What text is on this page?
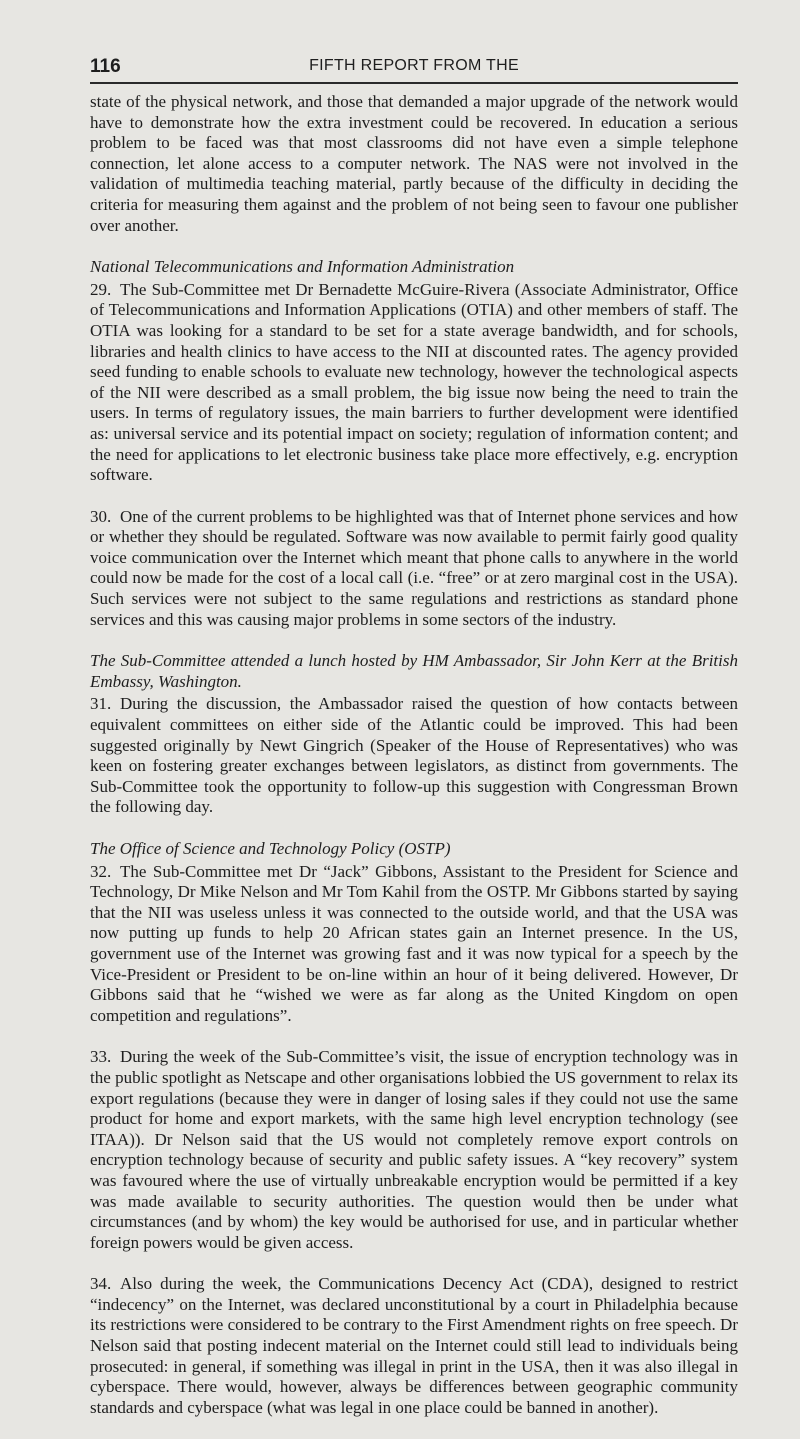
116	FIFTH REPORT FROM THE

state of the physical network, and those that demanded a major upgrade of the network would have to demonstrate how the extra investment could be recovered. In education a serious problem to be faced was that most classrooms did not have even a simple telephone connection, let alone access to a computer network. The NAS were not involved in the validation of multimedia teaching material, partly because of the difficulty in deciding the criteria for measuring them against and the problem of not being seen to favour one publisher over another.

National Telecommunications and Information Administration

29. The Sub-Committee met Dr Bernadette McGuire-Rivera (Associate Administrator, Office of Telecommunications and Information Applications (OTIA) and other members of staff. The OTIA was looking for a standard to be set for a state average bandwidth, and for schools, libraries and health clinics to have access to the NII at discounted rates. The agency provided seed funding to enable schools to evaluate new technology, however the technological aspects of the NII were described as a small problem, the big issue now being the need to train the users. In terms of regulatory issues, the main barriers to further development were identified as: universal service and its potential impact on society; regulation of information content; and the need for applications to let electronic business take place more effectively, e.g. encryption software.

30. One of the current problems to be highlighted was that of Internet phone services and how or whether they should be regulated. Software was now available to permit fairly good quality voice communication over the Internet which meant that phone calls to anywhere in the world could now be made for the cost of a local call (i.e. “free” or at zero marginal cost in the USA). Such services were not subject to the same regulations and restrictions as standard phone services and this was causing major problems in some sectors of the industry.

The Sub-Committee attended a lunch hosted by HM Ambassador, Sir John Kerr at the British Embassy, Washington.

31. During the discussion, the Ambassador raised the question of how contacts between equivalent committees on either side of the Atlantic could be improved. This had been suggested originally by Newt Gingrich (Speaker of the House of Representatives) who was keen on fostering greater exchanges between legislators, as distinct from governments. The Sub-Committee took the opportunity to follow-up this suggestion with Congressman Brown the following day.

The Office of Science and Technology Policy (OSTP)

32. The Sub-Committee met Dr “Jack” Gibbons, Assistant to the President for Science and Technology, Dr Mike Nelson and Mr Tom Kahil from the OSTP. Mr Gibbons started by saying that the NII was useless unless it was connected to the outside world, and that the USA was now putting up funds to help 20 African states gain an Internet presence. In the US, government use of the Internet was growing fast and it was now typical for a speech by the Vice-President or President to be on-line within an hour of it being delivered. However, Dr Gibbons said that he “wished we were as far along as the United Kingdom on open competition and regulations”.

33. During the week of the Sub-Committee’s visit, the issue of encryption technology was in the public spotlight as Netscape and other organisations lobbied the US government to relax its export regulations (because they were in danger of losing sales if they could not use the same product for home and export markets, with the same high level encryption technology (see ITAA)). Dr Nelson said that the US would not completely remove export controls on encryption technology because of security and public safety issues. A “key recovery” system was favoured where the use of virtually unbreakable encryption would be permitted if a key was made available to security authorities. The question would then be under what circumstances (and by whom) the key would be authorised for use, and in particular whether foreign powers would be given access.

34. Also during the week, the Communications Decency Act (CDA), designed to restrict “indecency” on the Internet, was declared unconstitutional by a court in Philadelphia because its restrictions were considered to be contrary to the First Amendment rights on free speech. Dr Nelson said that posting indecent material on the Internet could still lead to individuals being prosecuted: in general, if something was illegal in print in the USA, then it was also illegal in cyberspace. There would, however, always be differences between geographic community standards and cyberspace (what was legal in one place could be banned in another).
